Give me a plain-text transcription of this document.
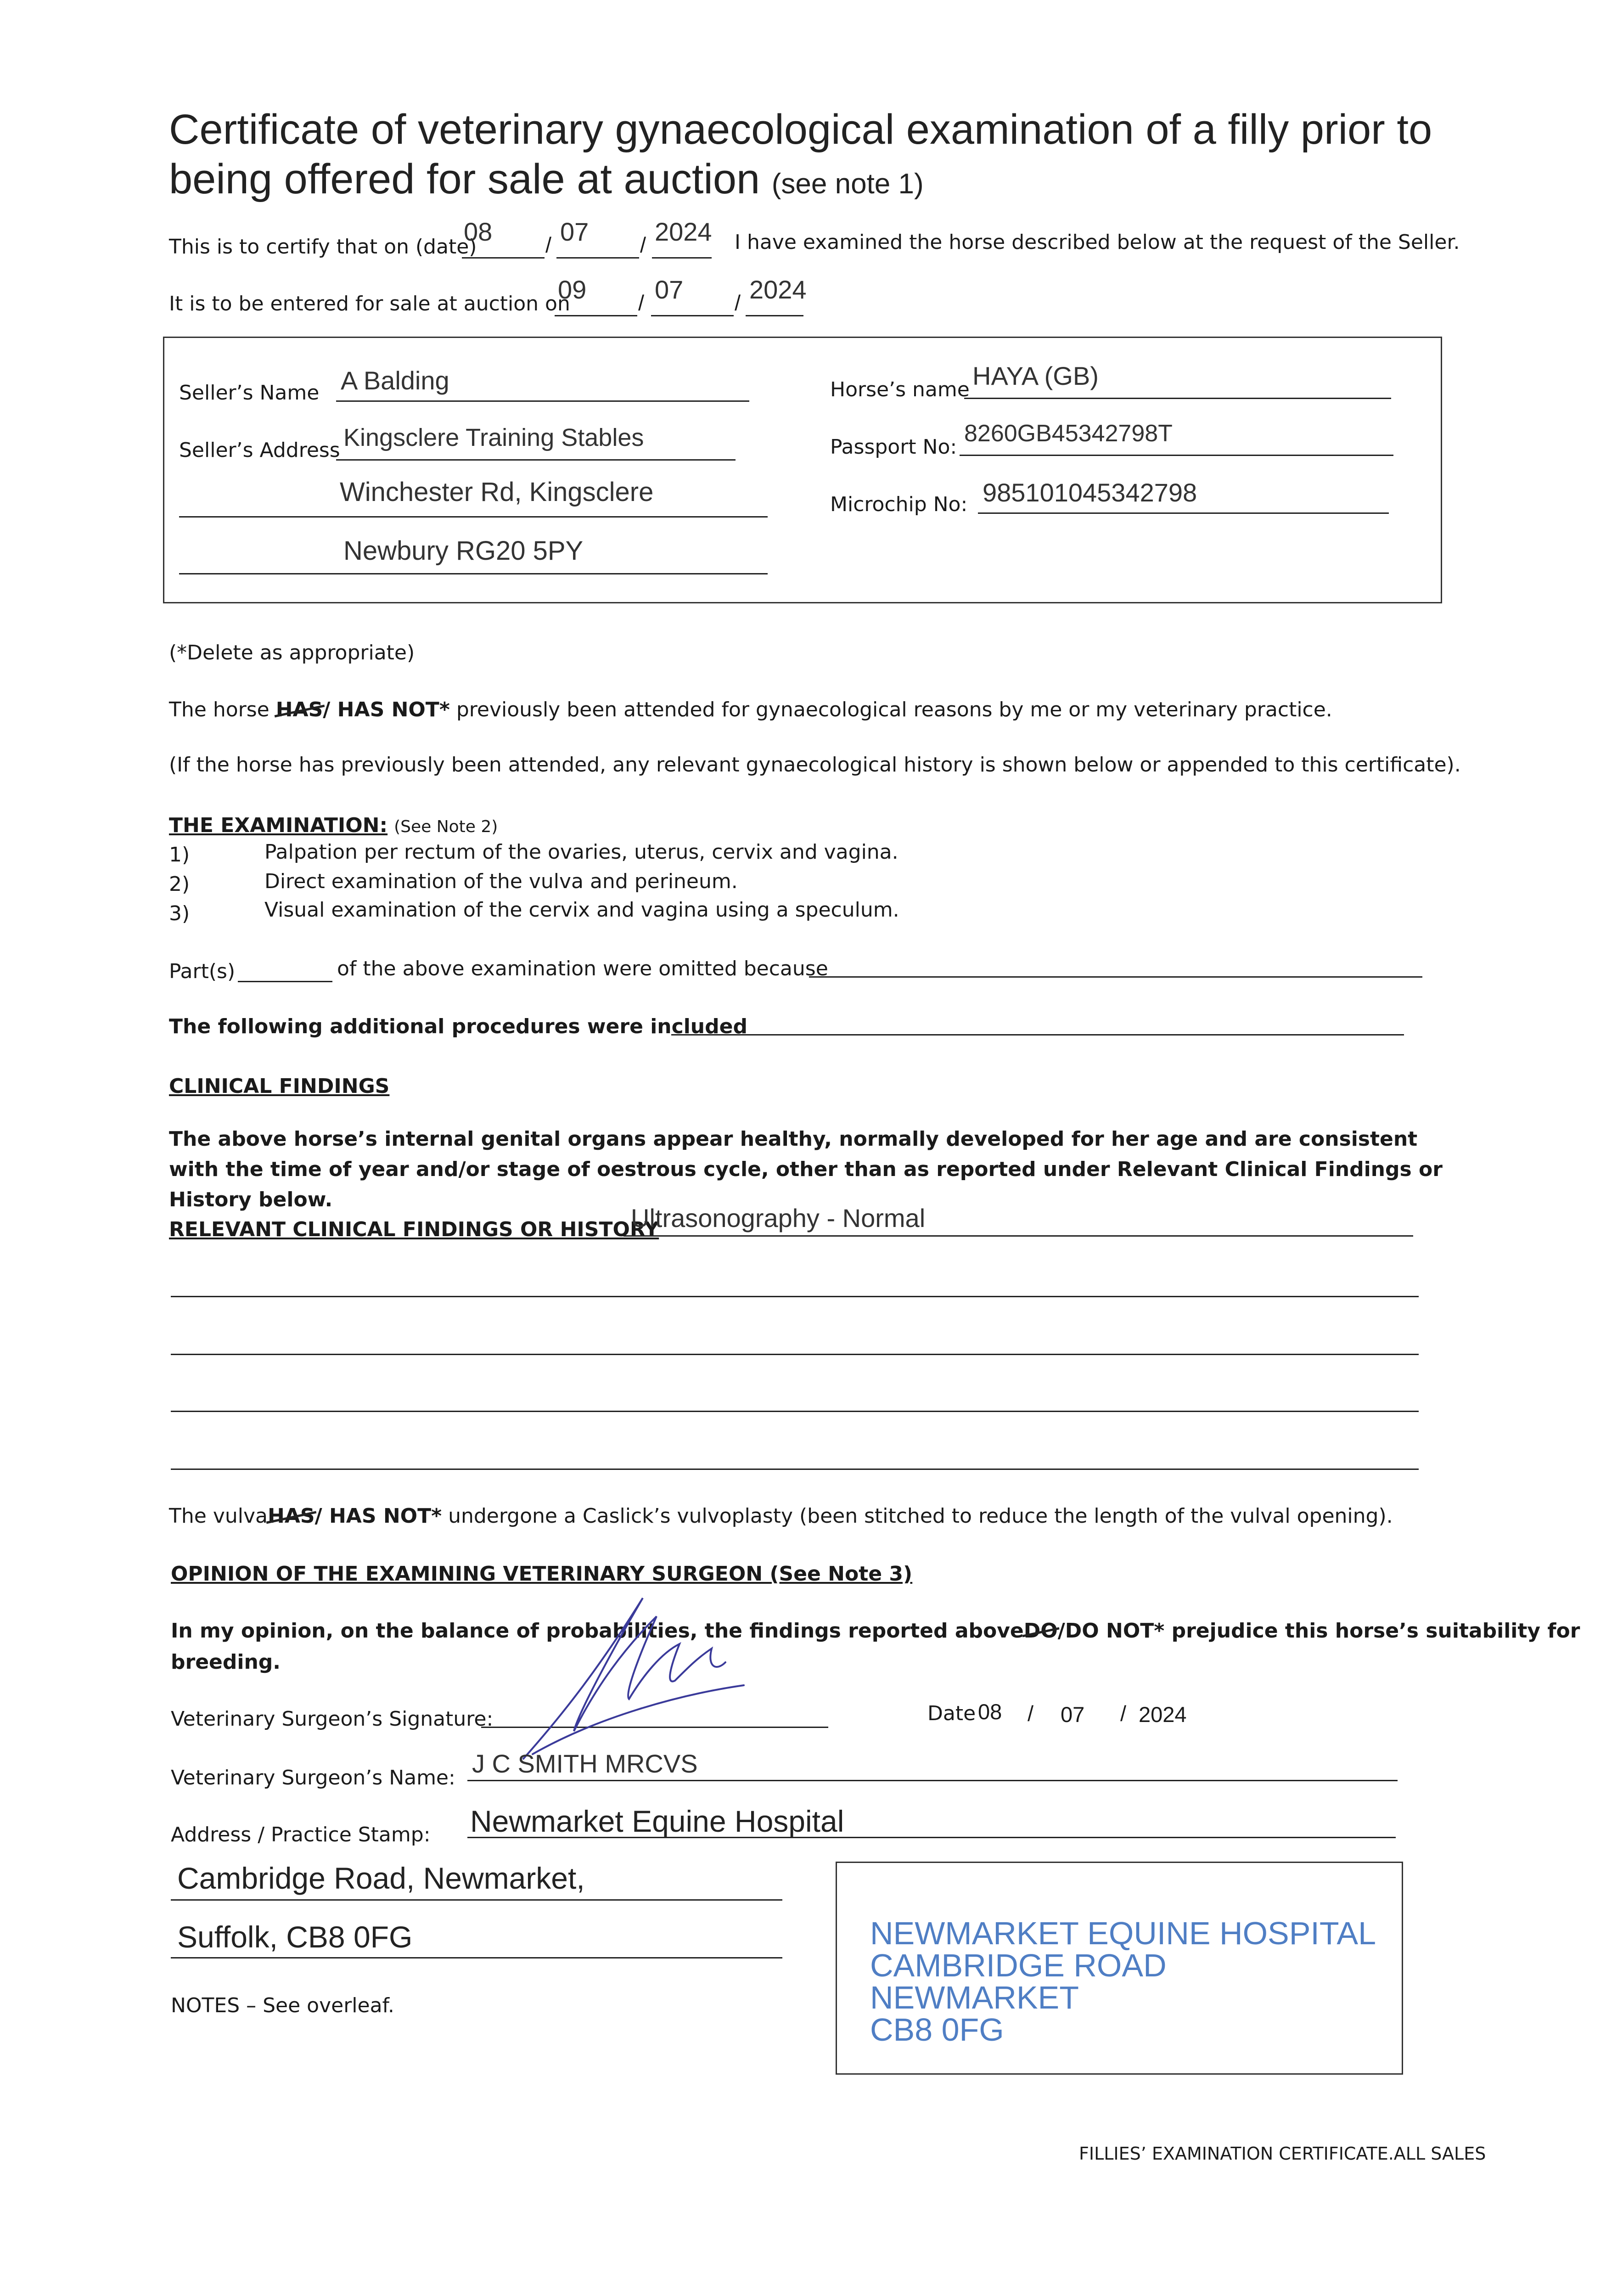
Certificate of veterinary gynaecological examination of a filly prior to being offered for sale at auction (see note 1)
This is to certify that on (date)
08 / 07 / 2024 I have examined the horse described below at the request of the Seller.
It is to be entered for sale at auction on
09 / 07 / 2024
Seller’s Name A Balding
Seller’s Address Kingsclere Training Stables
Winchester Rd, Kingsclere
Newbury RG20 5PY
Horse’s name HAYA (GB)
Passport No:
8260GB45342798T
Microchip No: 985101045342798
(*Delete as appropriate)
The horse HAS/ HAS NOT* previously been attended for gynaecological reasons by me or my veterinary practice.
(If the horse has previously been attended, any relevant gynaecological history is shown below or appended to this certificate).
THE EXAMINATION: (See Note 2)
1)	Palpation per rectum of the ovaries, uterus, cervix and vagina.
2)	Direct examination of the vulva and perineum.
3)	Visual examination of the cervix and vagina using a speculum.
Part(s)	of the above examination were omitted because
The following additional procedures were included
CLINICAL FINDINGS
The above horse’s internal genital organs appear healthy, normally developed for her age and are consistent with the time of year and/or stage of oestrous cycle, other than as reported under Relevant Clinical Findings or History below.
RELEVANT CLINICAL FINDINGS OR HISTORY
Ultrasonography - Normal
The vulvaHAS/ HAS NOT* undergone a Caslick’s vulvoplasty (been stitched to reduce the length of the vulval opening).
OPINION OF THE EXAMINING VETERINARY SURGEON (See Note 3)
In my opinion, on the balance of probabilities, the findings reported aboveDO/DO NOT* prejudice this horse’s suitability for
breeding.
Veterinary Surgeon’s Signature:	Date 08 / 07 / 2024
Veterinary Surgeon’s Name: J C SMITH MRCVS
Address / Practice Stamp: Newmarket Equine Hospital
Cambridge Road, Newmarket,
Suffolk, CB8 0FG	NEWMARKET EQUINE HOSPITAL
CAMBRIDGE ROAD
NEWMARKET
CB8 0FG
NOTES – See overleaf.
FILLIES’ EXAMINATION CERTIFICATE.ALL SALES
